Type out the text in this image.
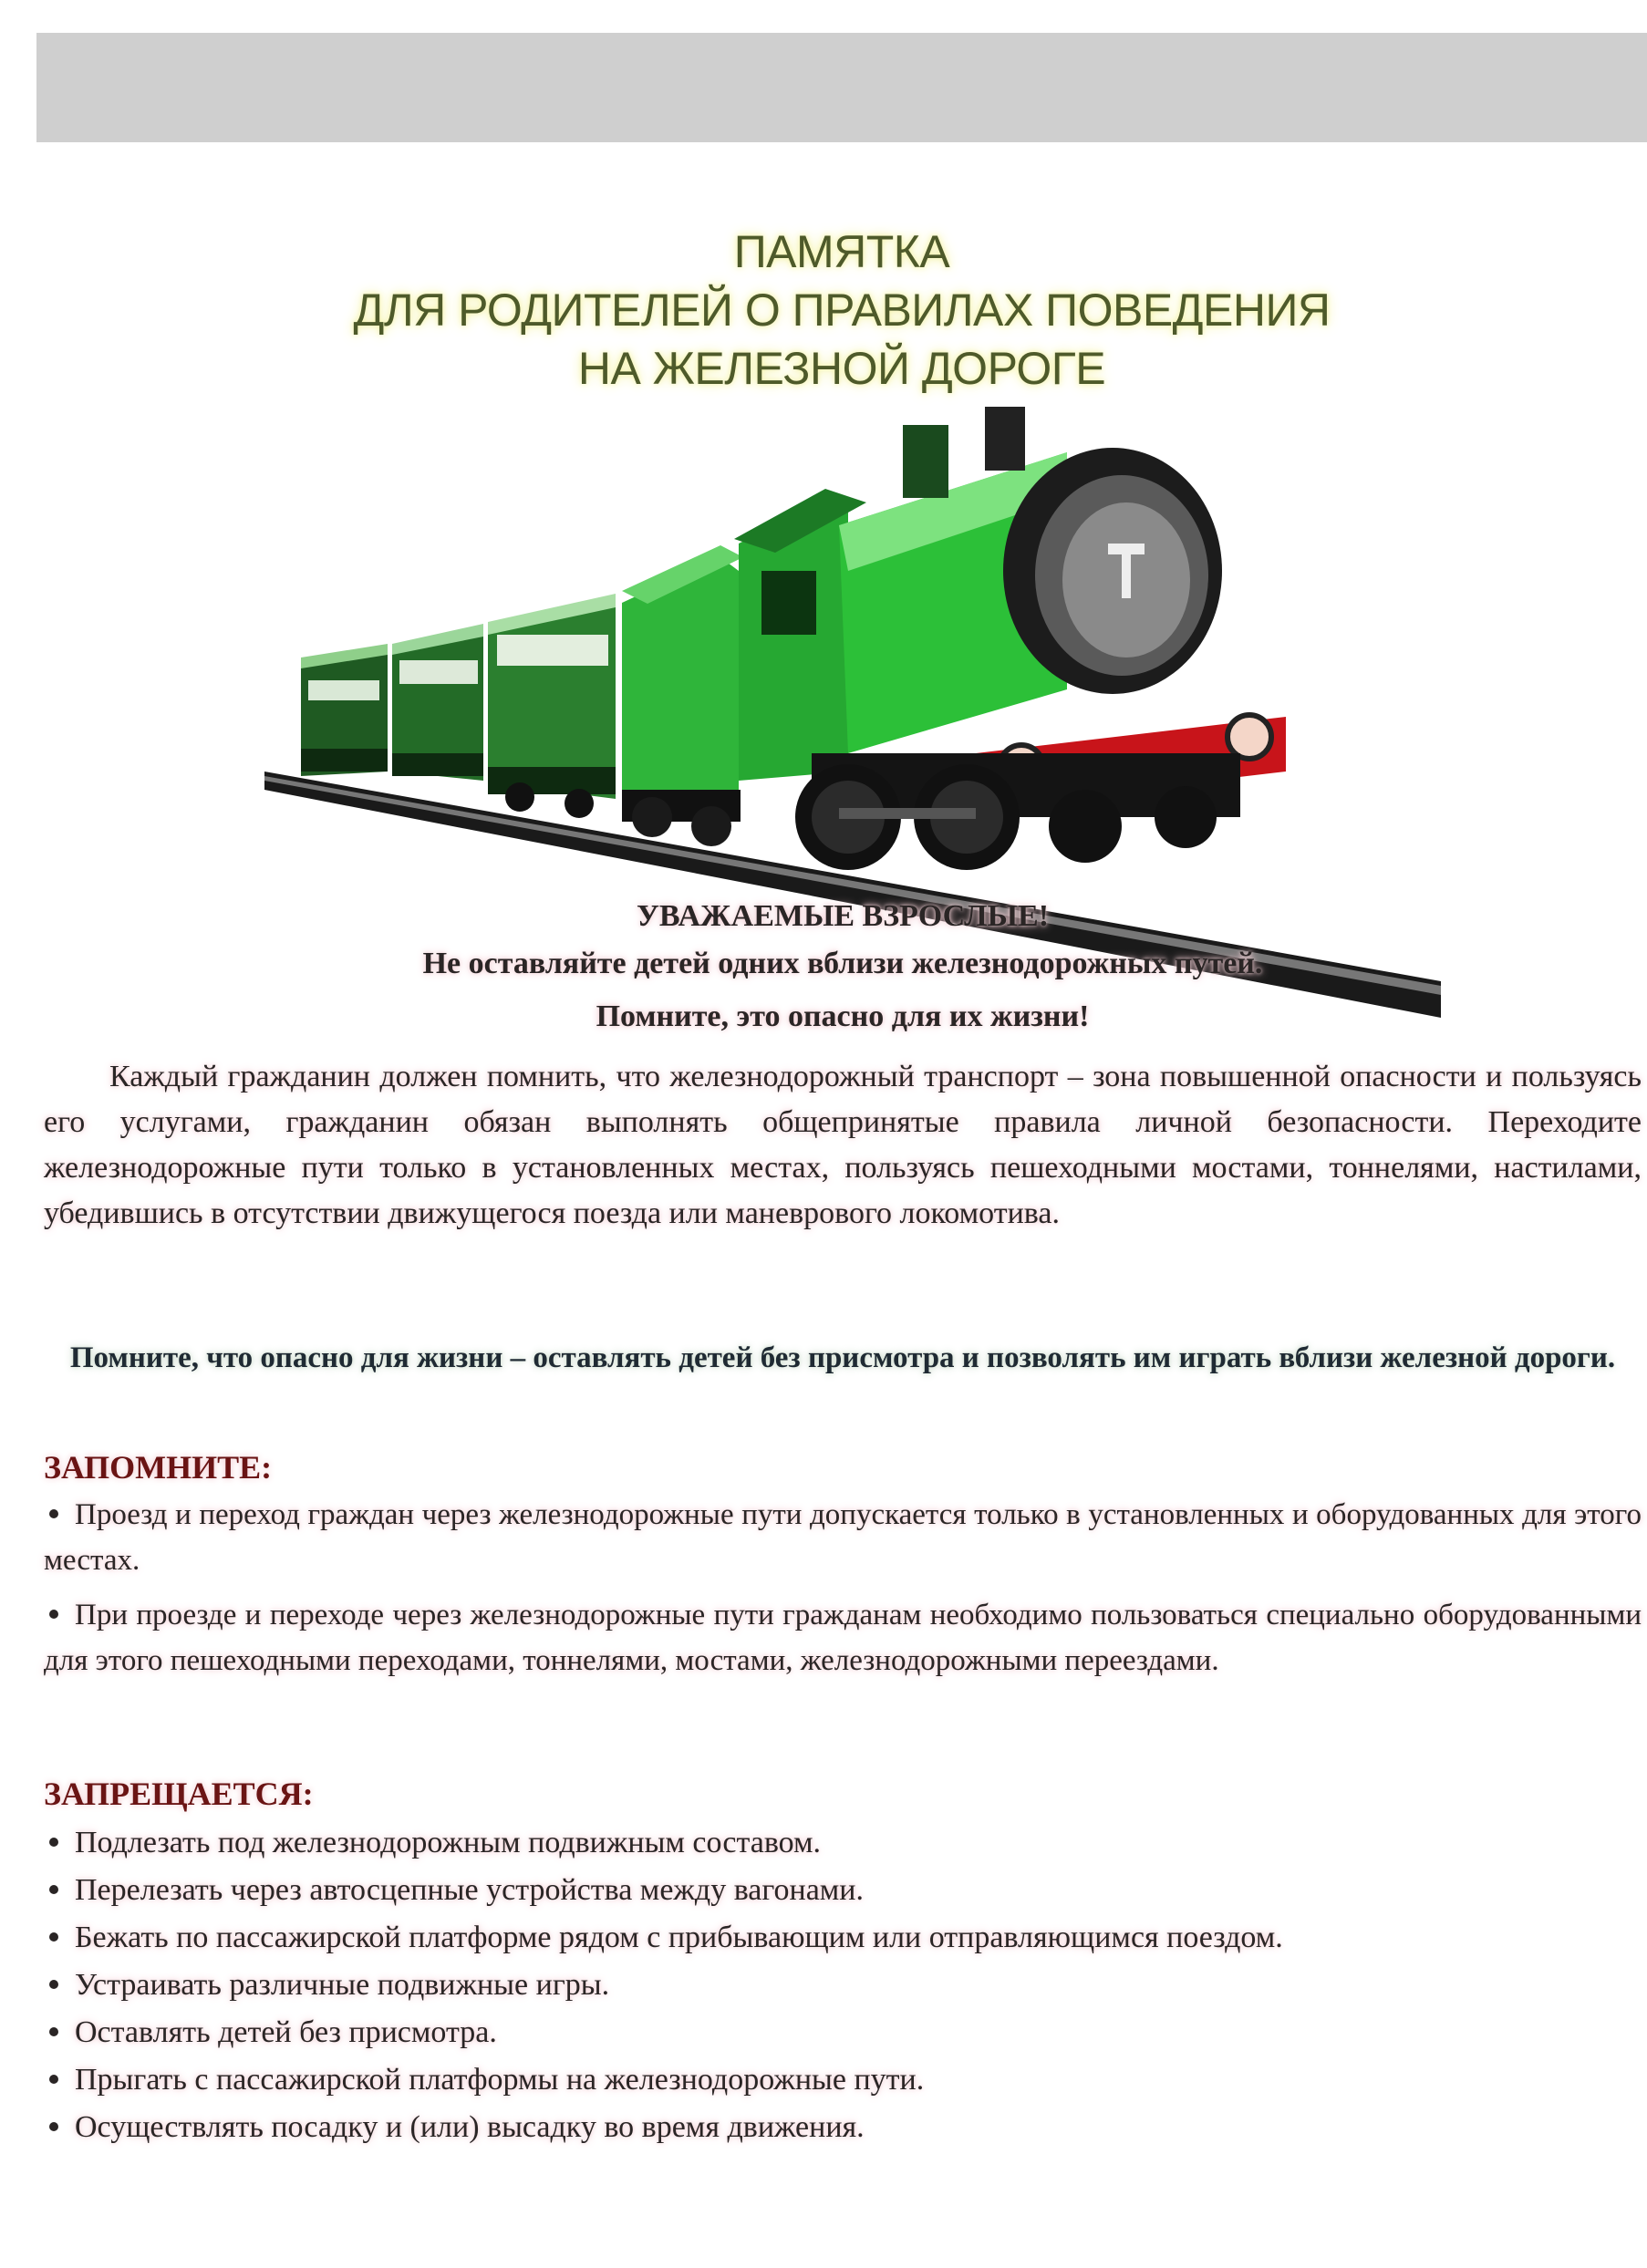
ПАМЯТКА
ДЛЯ РОДИТЕЛЕЙ О ПРАВИЛАХ ПОВЕДЕНИЯ
НА ЖЕЛЕЗНОЙ ДОРОГЕ
УВАЖАЕМЫЕ ВЗРОСЛЫЕ!
Не оставляйте детей одних вблизи железнодорожных путей.
Помните, это опасно для их жизни!
Каждый гражданин должен помнить, что железнодорожный транспорт – зона повышенной опасности и пользуясь его услугами, гражданин обязан выполнять общепринятые правила личной безопасности. Переходите железнодорожные пути только в установленных местах, пользуясь пешеходными мостами, тоннелями, настилами, убедившись в отсутствии движущегося поезда или маневрового локомотива.
Помните, что опасно для жизни – оставлять детей без присмотра и позволять им играть вблизи железной дороги.
ЗАПОМНИТЕ:
Проезд и переход граждан через железнодорожные пути допускается только в установленных и оборудованных для этого местах.
При проезде и переходе через железнодорожные пути гражданам необходимо пользоваться специально оборудованными для этого пешеходными переходами, тоннелями, мостами, железнодорожными переездами.
ЗАПРЕЩАЕТСЯ:
Подлезать под железнодорожным подвижным составом.
Перелезать через автосцепные устройства между вагонами.
Бежать по пассажирской платформе рядом с прибывающим или отправляющимся поездом.
Устраивать различные подвижные игры.
Оставлять детей без присмотра.
Прыгать с пассажирской платформы на железнодорожные пути.
Осуществлять посадку и (или) высадку во время движения.
